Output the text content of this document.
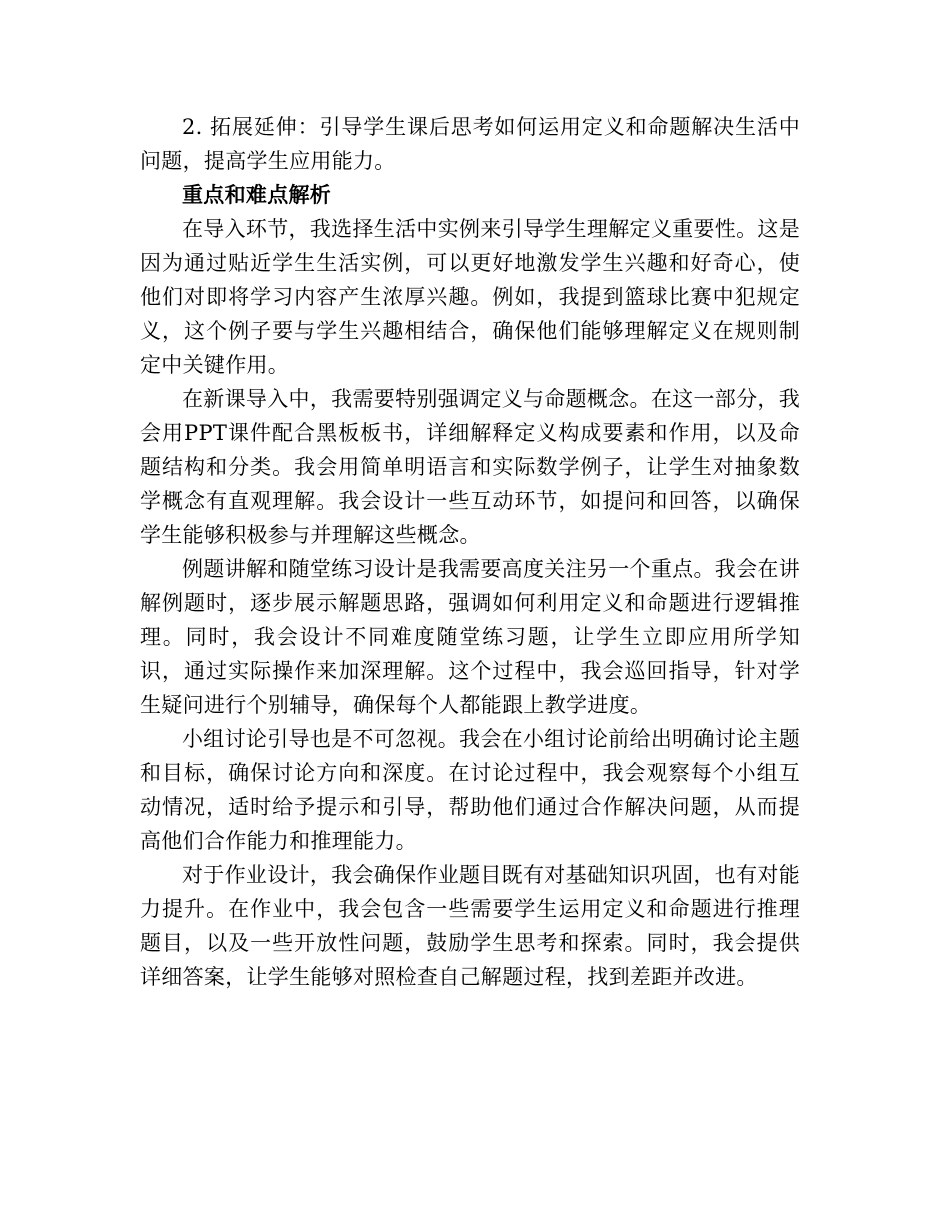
2. 拓展延伸：引导学生课后思考如何运用定义和命题解决生活中问题，提高学生应用能力。

重点和难点解析

在导入环节，我选择生活中实例来引导学生理解定义重要性。这是因为通过贴近学生生活实例，可以更好地激发学生兴趣和好奇心，使他们对即将学习内容产生浓厚兴趣。例如，我提到篮球比赛中犯规定义，这个例子要与学生兴趣相结合，确保他们能够理解定义在规则制定中关键作用。

在新课导入中，我需要特别强调定义与命题概念。在这一部分，我会用PPT课件配合黑板板书，详细解释定义构成要素和作用，以及命题结构和分类。我会用简单明语言和实际数学例子，让学生对抽象数学概念有直观理解。我会设计一些互动环节，如提问和回答，以确保学生能够积极参与并理解这些概念。

例题讲解和随堂练习设计是我需要高度关注另一个重点。我会在讲解例题时，逐步展示解题思路，强调如何利用定义和命题进行逻辑推理。同时，我会设计不同难度随堂练习题，让学生立即应用所学知识，通过实际操作来加深理解。这个过程中，我会巡回指导，针对学生疑问进行个别辅导，确保每个人都能跟上教学进度。

小组讨论引导也是不可忽视。我会在小组讨论前给出明确讨论主题和目标，确保讨论方向和深度。在讨论过程中，我会观察每个小组互动情况，适时给予提示和引导，帮助他们通过合作解决问题，从而提高他们合作能力和推理能力。

对于作业设计，我会确保作业题目既有对基础知识巩固，也有对能力提升。在作业中，我会包含一些需要学生运用定义和命题进行推理题目，以及一些开放性问题，鼓励学生思考和探索。同时，我会提供详细答案，让学生能够对照检查自己解题过程，找到差距并改进。
